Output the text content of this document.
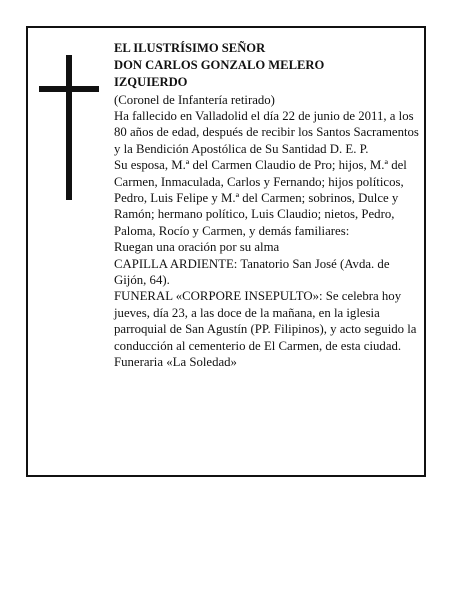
EL ILUSTRÍSIMO SEÑOR
DON CARLOS GONZALO MELERO
IZQUIERDO

(Coronel de Infantería retirado)

Ha fallecido en Valladolid el día 22 de junio de 2011, a los 80 años de edad, después de recibir los Santos Sacramentos y la Bendición Apostólica de Su Santidad D. E. P.

Su esposa, M.ª del Carmen Claudio de Pro; hijos, M.ª del Carmen, Inmaculada, Carlos y Fernando; hijos políticos, Pedro, Luis Felipe y M.ª del Carmen; sobrinos, Dulce y Ramón; hermano político, Luis Claudio; nietos, Pedro, Paloma, Rocío y Carmen, y demás familiares:

Ruegan una oración por su alma

CAPILLA ARDIENTE: Tanatorio San José (Avda. de Gijón, 64).

FUNERAL «CORPORE INSEPULTO»: Se celebra hoy jueves, día 23, a las doce de la mañana, en la iglesia parroquial de San Agustín (PP. Filipinos), y acto seguido la conducción al cementerio de El Carmen, de esta ciudad.

Funeraria «La Soledad»
